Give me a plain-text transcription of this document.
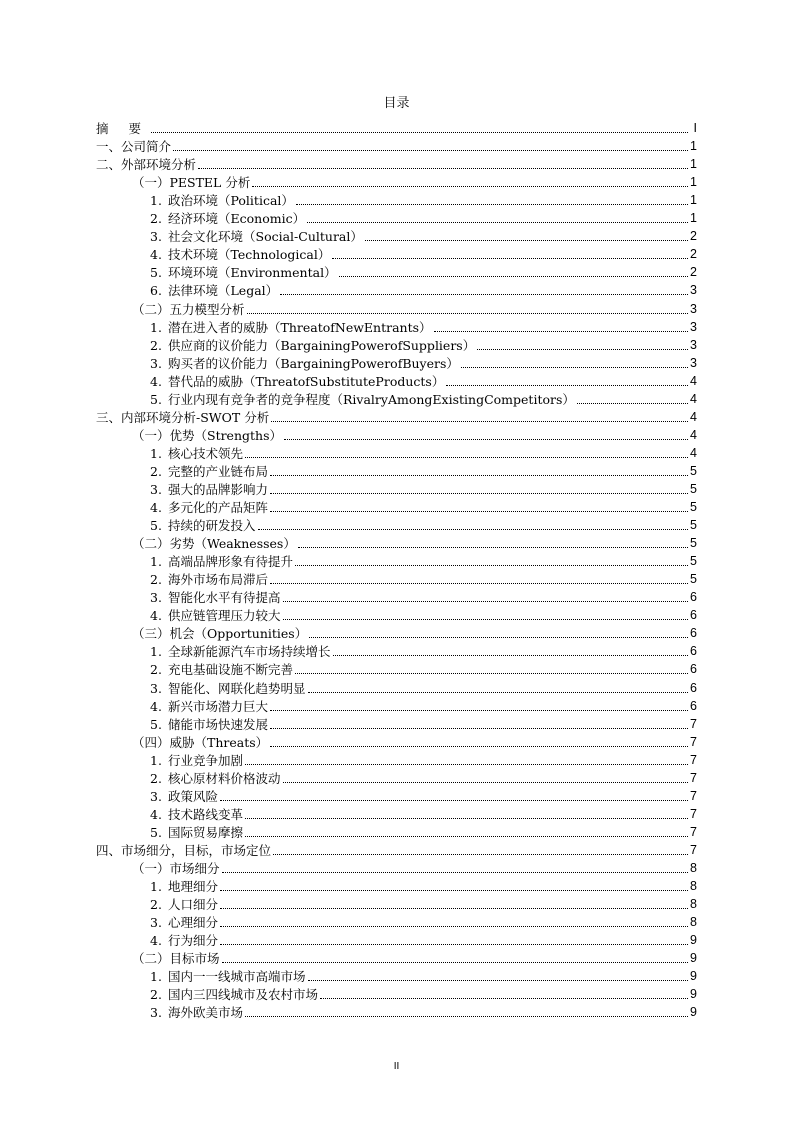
目录
摘 要	I
一、公司简介	1
二、外部环境分析	1
（一）PESTEL 分析	1
1. 政治环境（Political）	1
2. 经济环境（Economic）	1
3. 社会文化环境（Social-Cultural）	2
4. 技术环境（Technological）	2
5. 环境环境（Environmental）	2
6. 法律环境（Legal）	3
（二）五力模型分析	3
1. 潜在进入者的威胁（ThreatofNewEntrants）	3
2. 供应商的议价能力（BargainingPowerofSuppliers）	3
3. 购买者的议价能力（BargainingPowerofBuyers）	3
4. 替代品的威胁（ThreatofSubstituteProducts）	4
5. 行业内现有竞争者的竞争程度（RivalryAmongExistingCompetitors）	4
三、内部环境分析-SWOT 分析	4
（一）优势（Strengths）	4
1. 核心技术领先	4
2. 完整的产业链布局	5
3. 强大的品牌影响力	5
4. 多元化的产品矩阵	5
5. 持续的研发投入	5
（二）劣势（Weaknesses）	5
1. 高端品牌形象有待提升	5
2. 海外市场布局滞后	5
3. 智能化水平有待提高	6
4. 供应链管理压力较大	6
（三）机会（Opportunities）	6
1. 全球新能源汽车市场持续增长	6
2. 充电基础设施不断完善	6
3. 智能化、网联化趋势明显	6
4. 新兴市场潜力巨大	6
5. 储能市场快速发展	7
（四）威胁（Threats）	7
1. 行业竞争加剧	7
2. 核心原材料价格波动	7
3. 政策风险	7
4. 技术路线变革	7
5. 国际贸易摩擦	7
四、市场细分，目标，市场定位	7
（一）市场细分	8
1. 地理细分	8
2. 人口细分	8
3. 心理细分	8
4. 行为细分	9
（二）目标市场	9
1. 国内一一线城市高端市场	9
2. 国内三四线城市及农村市场	9
3. 海外欧美市场	9
II
